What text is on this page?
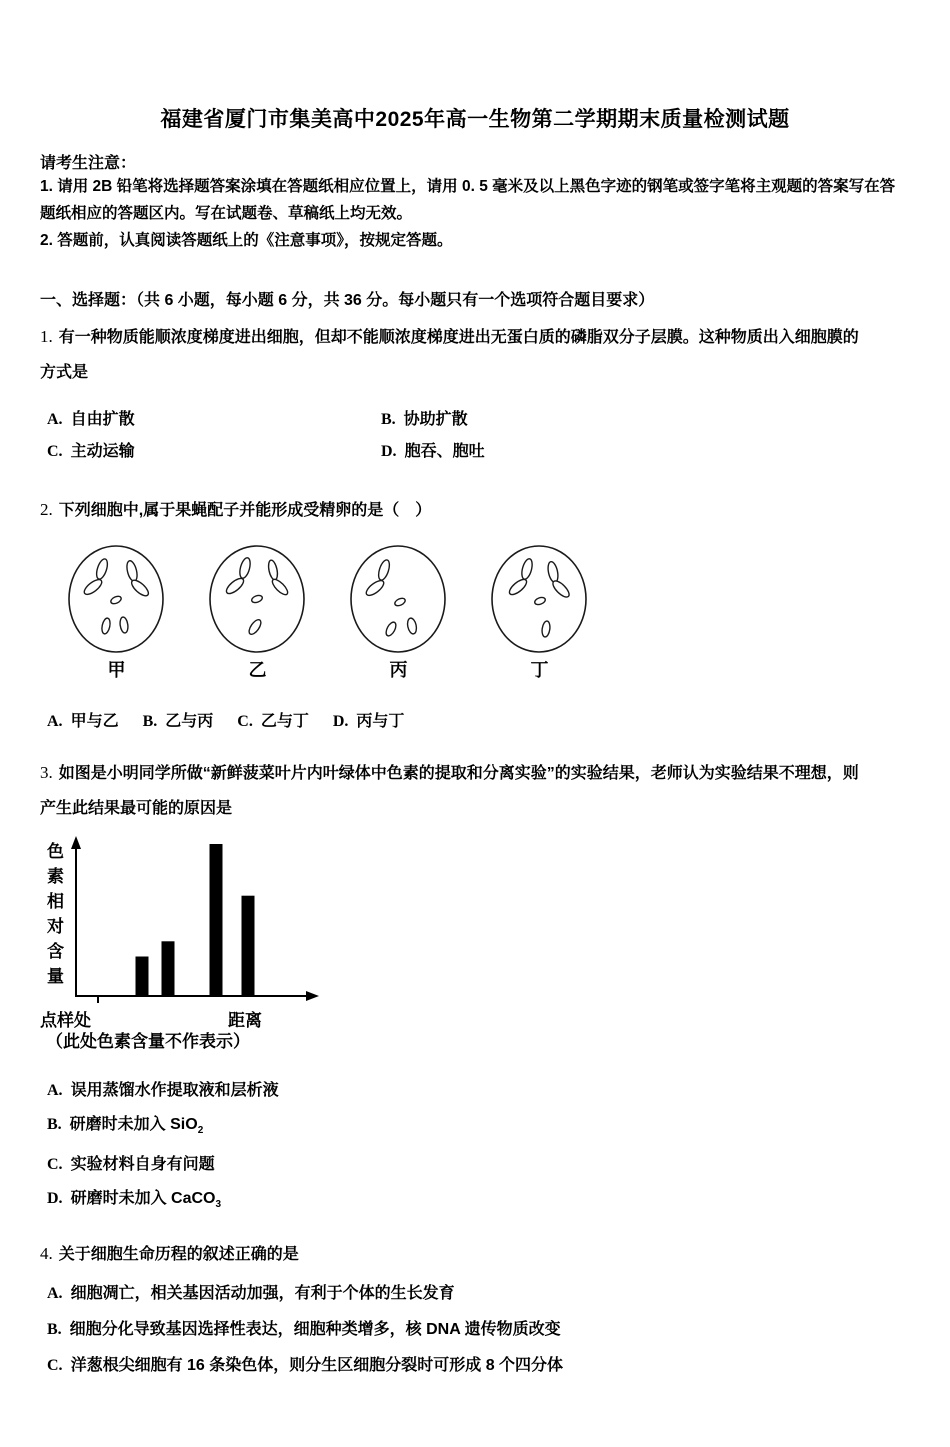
福建省厦门市集美高中2025年高一生物第二学期期末质量检测试题
请考生注意：

1. 请用 2B 铅笔将选择题答案涂填在答题纸相应位置上，请用 0. 5 毫米及以上黑色字迹的钢笔或签字笔将主观题的答案写在答题纸相应的答题区内。写在试题卷、草稿纸上均无效。

2. 答题前，认真阅读答题纸上的《注意事项》，按规定答题。

一、选择题：（共 6 小题，每小题 6 分，共 36 分。每小题只有一个选项符合题目要求）

1. 有一种物质能顺浓度梯度进出细胞，但却不能顺浓度梯度进出无蛋白质的磷脂双分子层膜。这种物质出入细胞膜的方式是

A. 自由扩散	B. 协助扩散
C. 主动运输	D. 胞吞、胞吐

2. 下列细胞中,属于果蝇配子并能形成受精卵的是（　）

甲	乙	丙	丁
A. 甲与乙 B. 乙与丙 C. 乙与丁 D. 丙与丁

3. 如图是小明同学所做“新鲜菠菜叶片内叶绿体中色素的提取和分离实验”的实验结果，老师认为实验结果不理想，则产生此结果最可能的原因是

色素相对含量
点样处	距离

（此处色素含量不作表示）

A. 误用蒸馏水作提取液和层析液

B. 研磨时未加入 SiO$_2$

C. 实验材料自身有问题

D. 研磨时未加入 CaCO$_3$

4. 关于细胞生命历程的叙述正确的是

A. 细胞凋亡，相关基因活动加强，有利于个体的生长发育

B. 细胞分化导致基因选择性表达，细胞种类增多，核 DNA 遗传物质改变

C. 洋葱根尖细胞有 16 条染色体，则分生区细胞分裂时可形成 8 个四分体
